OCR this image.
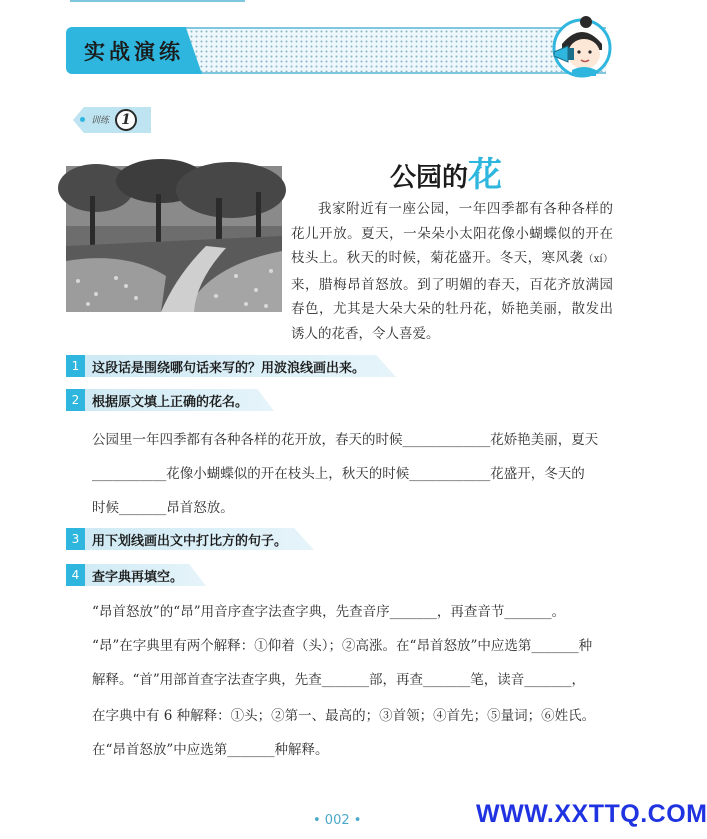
实战演练
训练 1
公园的花

我家附近有一座公园，一年四季都有各种各样的花儿开放。夏天，一朵朵小太阳花像小蝴蝶似的开在枝头上。秋天的时候，菊花盛开。冬天，寒风袭（xí）来，腊梅昂首怒放。到了明媚的春天，百花齐放满园春色，尤其是大朵大朵的牡丹花，娇艳美丽，散发出诱人的花香，令人喜爱。

1 这段话是围绕哪句话来写的？用波浪线画出来。
2 根据原文填上正确的花名。
公园里一年四季都有各种各样的花开放，春天的时候_____________花娇艳美丽，夏天
___________花像小蝴蝶似的开在枝头上，秋天的时候____________花盛开，冬天的
时候_______昂首怒放。
3 用下划线画出文中打比方的句子。
4 查字典再填空。
“昂首怒放”的“昂”用音序查字法查字典，先查音序_______，再查音节_______。
“昂”在字典里有两个解释：①仰着（头）；②高涨。在“昂首怒放”中应选第_______种
解释。“首”用部首查字法查字典，先查_______部，再查_______笔，读音_______，
在字典中有 6 种解释：①头；②第一、最高的；③首领；④首先；⑤量词；⑥姓氏。
在“昂首怒放”中应选第_______种解释。
• 002 •	WWW.XXTTQ.COM
